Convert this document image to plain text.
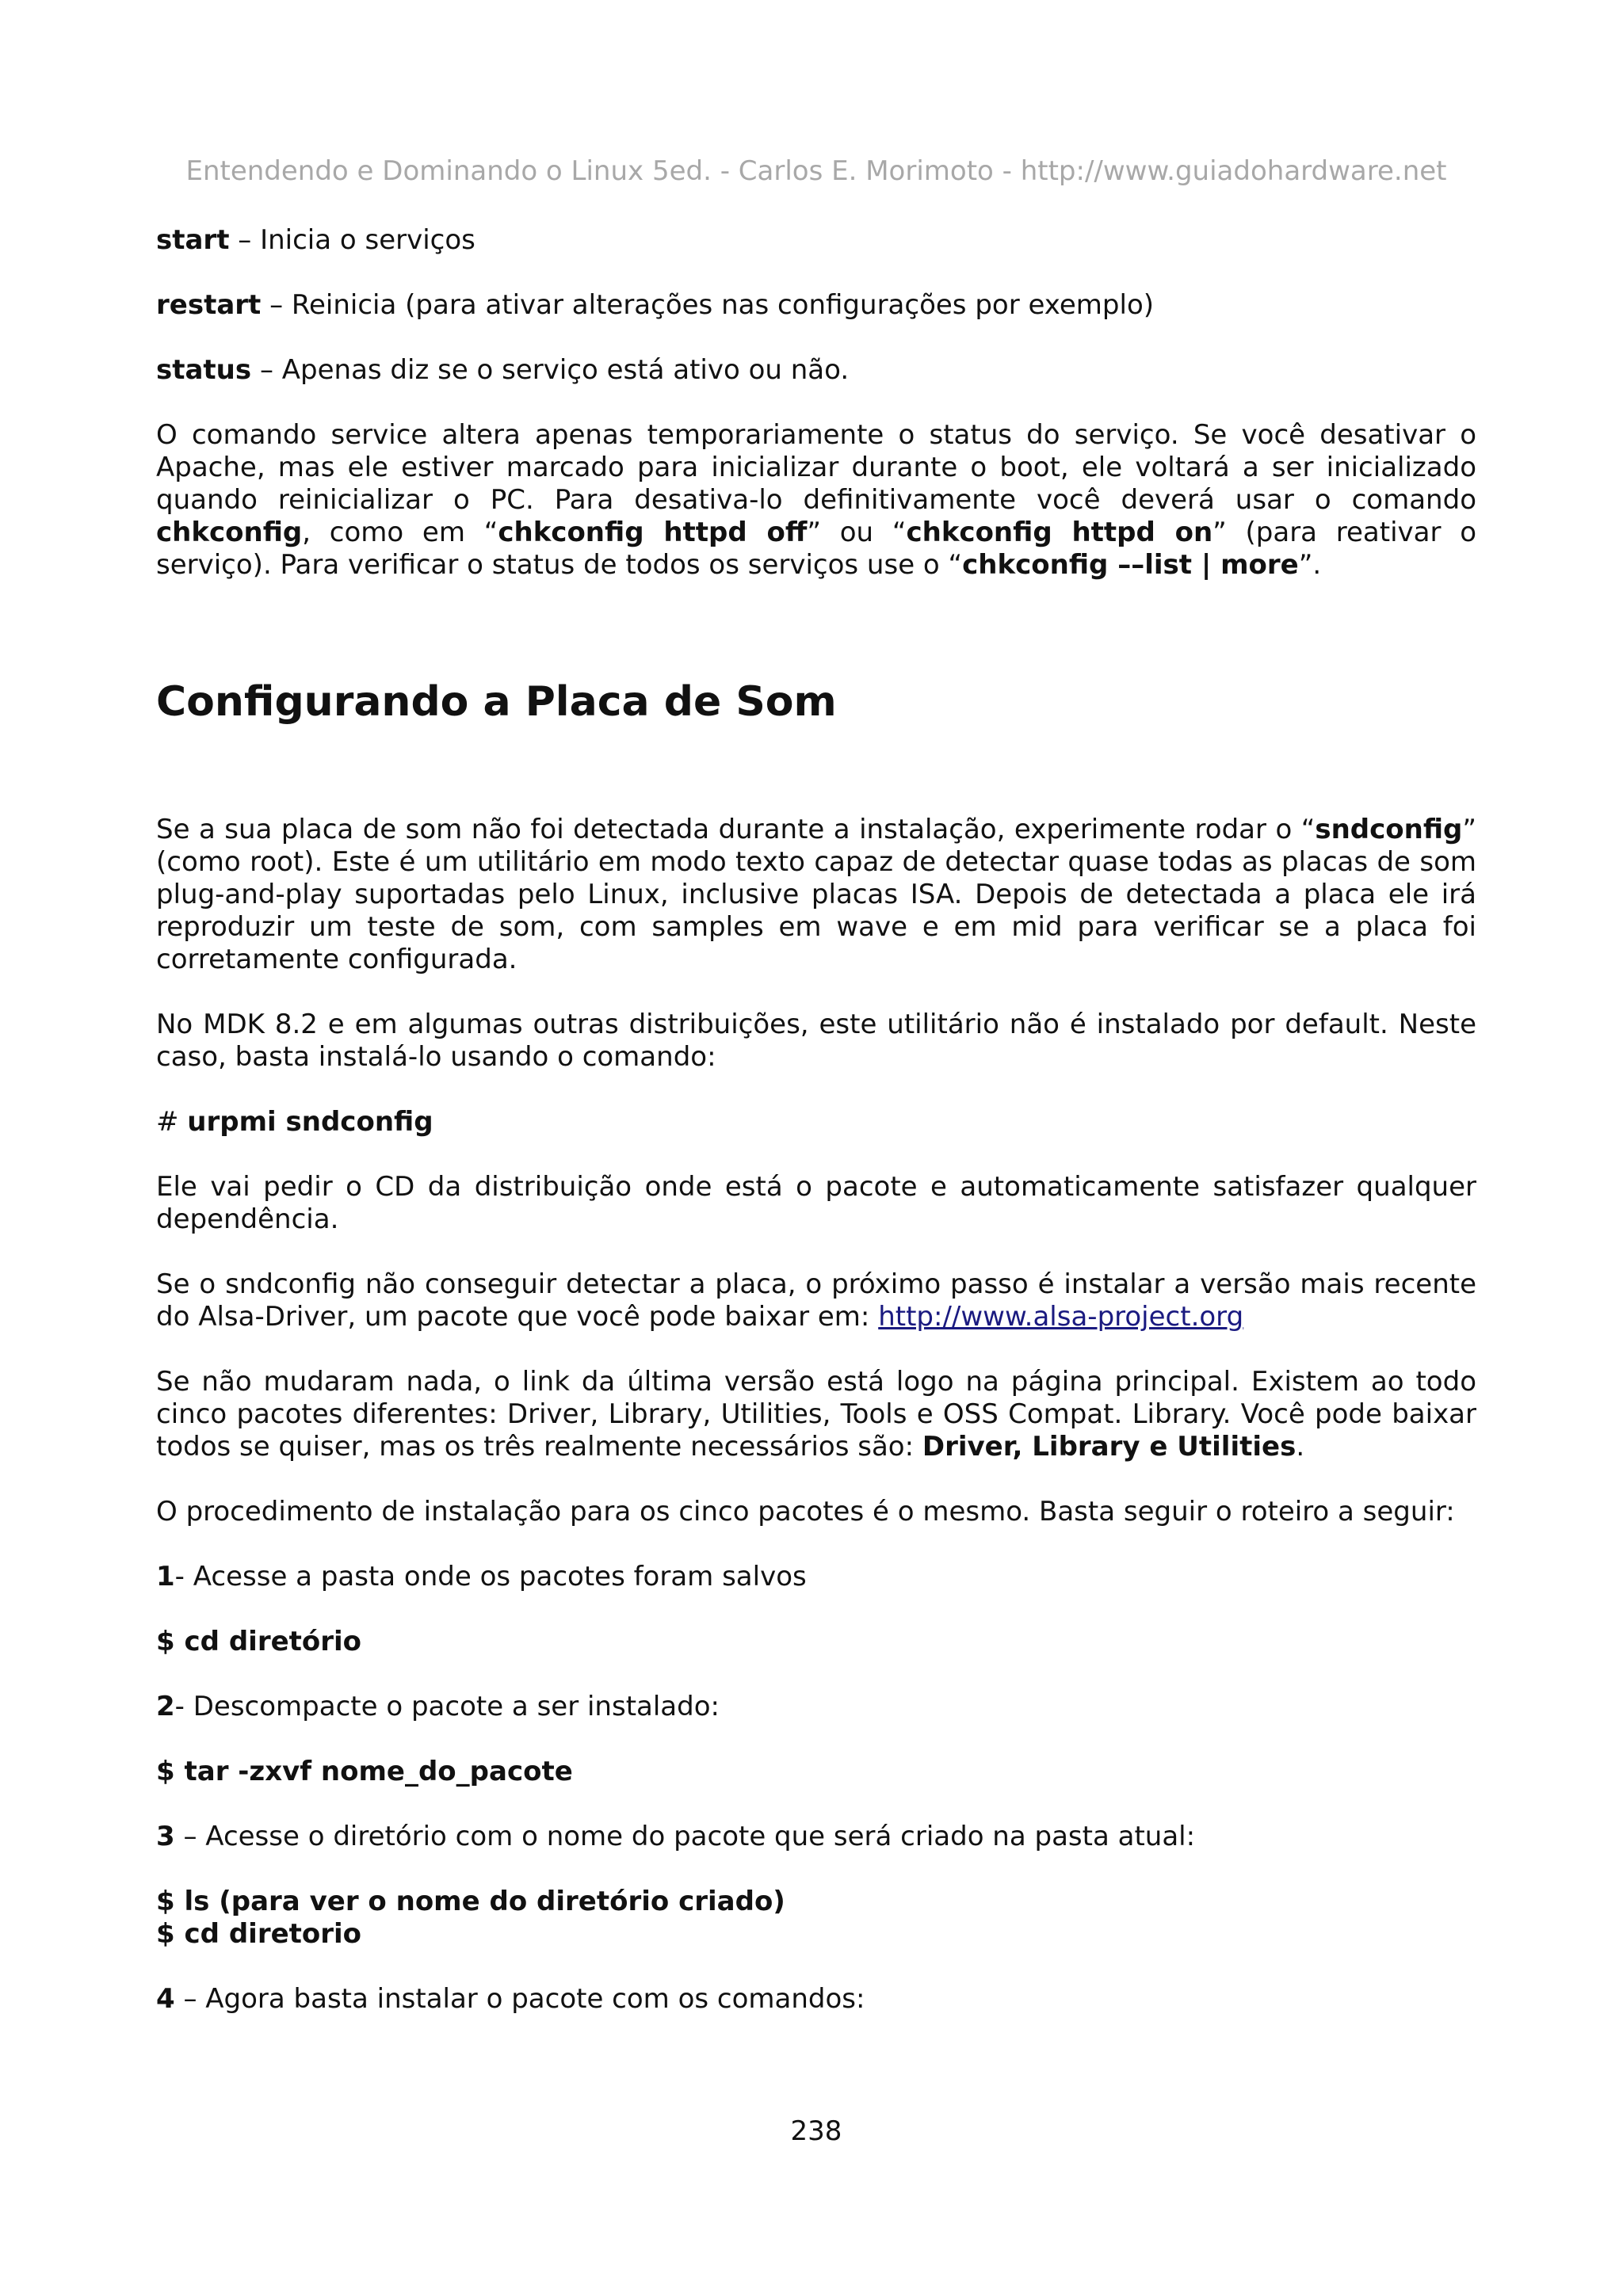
Entendendo e Dominando o Linux 5ed. - Carlos E. Morimoto - http://www.guiadohardware.net

start – Inicia o serviços

restart – Reinicia (para ativar alterações nas configurações por exemplo)

status – Apenas diz se o serviço está ativo ou não.

O comando service altera apenas temporariamente o status do serviço. Se você desativar o Apache, mas ele estiver marcado para inicializar durante o boot, ele voltará a ser inicializado quando reinicializar o PC. Para desativa-lo definitivamente você deverá usar o comando chkconfig, como em “chkconfig httpd off” ou “chkconfig httpd on” (para reativar o serviço). Para verificar o status de todos os serviços use o “chkconfig ––list | more”.

Configurando a Placa de Som

Se a sua placa de som não foi detectada durante a instalação, experimente rodar o “sndconfig” (como root). Este é um utilitário em modo texto capaz de detectar quase todas as placas de som plug-and-play suportadas pelo Linux, inclusive placas ISA. Depois de detectada a placa ele irá reproduzir um teste de som, com samples em wave e em mid para verificar se a placa foi corretamente configurada.

No MDK 8.2 e em algumas outras distribuições, este utilitário não é instalado por default. Neste caso, basta instalá-lo usando o comando:

# urpmi sndconfig

Ele vai pedir o CD da distribuição onde está o pacote e automaticamente satisfazer qualquer dependência.

Se o sndconfig não conseguir detectar a placa, o próximo passo é instalar a versão mais recente do Alsa-Driver, um pacote que você pode baixar em: http://www.alsa-project.org

Se não mudaram nada, o link da última versão está logo na página principal. Existem ao todo cinco pacotes diferentes: Driver, Library, Utilities, Tools e OSS Compat. Library. Você pode baixar todos se quiser, mas os três realmente necessários são: Driver, Library e Utilities.

O procedimento de instalação para os cinco pacotes é o mesmo. Basta seguir o roteiro a seguir:

1- Acesse a pasta onde os pacotes foram salvos

$ cd diretório

2- Descompacte o pacote a ser instalado:

$ tar -zxvf nome_do_pacote

3 – Acesse o diretório com o nome do pacote que será criado na pasta atual:

$ ls (para ver o nome do diretório criado)

$ cd diretorio

4 – Agora basta instalar o pacote com os comandos:

238
